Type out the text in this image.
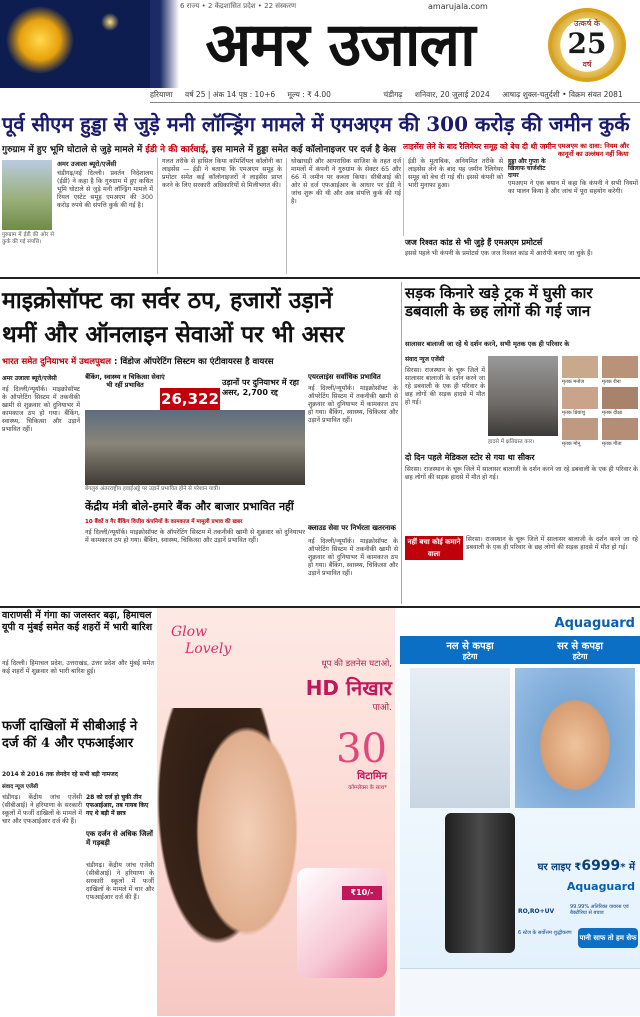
6 राज्य • 2 केंद्रशासित प्रदेश • 22 संस्करण	amarujala.com
अमर उजाला	उत्कर्ष के
25
वर्ष
हरियाणा वर्ष 25 | अंक 14 पृष्ठ : 10+6 मूल्य : ₹ 4.00	चंडीगढ़ शनिवार, 20 जुलाई 2024 आषाढ़ शुक्ल-चतुर्दशी • विक्रम संवत 2081
पूर्व सीएम हुड्डा से जुड़े मनी लॉन्ड्रिंग मामले में एमअएम की 300 करोड़ की जमीन कुर्क
गुरुग्राम में हुए भूमि घोटाले से जुड़े मामले में ईडी ने की कार्रवाई, इस मामले में हुड्डा समेत कई कॉलोनाइजर पर दर्ज है केस
गुरुग्राम में ईडी की ओर से कुर्क की गई संपत्ति।
अमर उजाला ब्यूरो/एजेंसी
चंडीगढ़/नई दिल्ली। प्रवर्तन निदेशालय (ईडी) ने कहा है कि गुरुग्राम में हुए कथित भूमि घोटाले से जुड़े मनी लॉन्ड्रिंग मामले में रियल एस्टेट समूह एमअएम की 300 करोड़ रुपये की संपत्ति कुर्क की गई है।
गलत तरीके से हासिल किया कॉमर्शियल कॉलोनी का लाइसेंस — ईडी ने बताया कि एमअएम समूह के प्रमोटर समेत कई कॉलोनाइजरों ने लाइसेंस प्राप्त करने के लिए सरकारी अधिकारियों से मिलीभगत की।
धोखाधड़ी और आपराधिक साजिश के तहत दर्ज मामलों में कंपनी ने गुरुग्राम के सेक्टर 65 और 66 में जमीन पर कब्जा किया। सीबीआई की ओर से दर्ज एफआईआर के आधार पर ईडी ने जांच शुरू की थी और अब संपत्ति कुर्क की गई है।
लाइसेंस लेने के बाद रैलिगेयर समूह को बेच दी थी जमीन
ईडी के मुताबिक, अनियमित तरीके से लाइसेंस लेने के बाद यह जमीन रैलिगेयर समूह को बेच दी गई थी। इससे कंपनी को भारी मुनाफा हुआ।
एमअएम का दावा: नियम और कानूनों का उल्लंघन नहीं किया
हुड्डा और गुप्ता के खिलाफ चार्जशीट दायर
एमअएम ने एक बयान में कहा कि कंपनी ने सभी नियमों का पालन किया है और जांच में पूरा सहयोग करेगी।
जज रिश्वत कांड से भी जुड़े हैं एमअएम प्रमोटर्स
इससे पहले भी कंपनी के प्रमोटर्स एक जज रिश्वत कांड में आरोपी बनाए जा चुके हैं।
माइक्रोसॉफ्ट का सर्वर ठप, हजारों उड़ानें
थमीं और ऑनलाइन सेवाओं पर भी असर
भारत समेत दुनियाभर में उथलपुथल : विंडोज ऑपरेटिंग सिस्टम का एंटीवायरस है वायरस
अमर उजाला ब्यूरो/एजेंसी
नई दिल्ली/न्यूयॉर्क। माइक्रोसॉफ्ट के ऑपरेटिंग सिस्टम में तकनीकी खामी से शुक्रवार को दुनियाभर में कामकाज ठप हो गया। बैंकिंग, स्वास्थ्य, चिकित्सा और उड़ानें प्रभावित रहीं।
बैंकिंग, स्वास्थ्य व चिकित्सा सेवाएं भी रहीं प्रभावित
26,322
उड़ानों पर दुनियाभर में रहा असर, 2,700 रद्द
बेंगलुरु अंतरराष्ट्रीय हवाईअड्डे पर उड़ानें प्रभावित होने से परेशान यात्री।
एयरलाइंस सर्वाधिक प्रभावित
नई दिल्ली/न्यूयॉर्क। माइक्रोसॉफ्ट के ऑपरेटिंग सिस्टम में तकनीकी खामी से शुक्रवार को दुनियाभर में कामकाज ठप हो गया। बैंकिंग, स्वास्थ्य, चिकित्सा और उड़ानें प्रभावित रहीं।
केंद्रीय मंत्री बोले-हमारे बैंक और बाजार प्रभावित नहीं
10 बैंकों व गैर बैंकिंग वित्तीय कंपनियों के कामकाज में मामूली प्रभाव की खबर
नई दिल्ली/न्यूयॉर्क। माइक्रोसॉफ्ट के ऑपरेटिंग सिस्टम में तकनीकी खामी से शुक्रवार को दुनियाभर में कामकाज ठप हो गया। बैंकिंग, स्वास्थ्य, चिकित्सा और उड़ानें प्रभावित रहीं।
क्लाउड सेवा पर निर्भरता खतरनाक
नई दिल्ली/न्यूयॉर्क। माइक्रोसॉफ्ट के ऑपरेटिंग सिस्टम में तकनीकी खामी से शुक्रवार को दुनियाभर में कामकाज ठप हो गया। बैंकिंग, स्वास्थ्य, चिकित्सा और उड़ानें प्रभावित रहीं।
सड़क किनारे खड़े ट्रक में घुसी कार डबवाली के छह लोगों की गई जान
सालासर बालाजी जा रहे थे दर्शन करने, सभी मृतक एक ही परिवार के
संवाद न्यूज एजेंसी
सिरसा। राजस्थान के चूरू जिले में सालासर बालाजी के दर्शन करने जा रहे डबवाली के एक ही परिवार के छह लोगों की सड़क हादसे में मौत हो गई।
हादसे में क्षतिग्रस्त कार।
मृतक मनोज	मृतक रीना
मृतक प्रियांशु	मृतक दीक्षा
मृतक मोनू	मृतक गीता
दो दिन पहले मेडिकल स्टोर से गया था सीकर
सिरसा। राजस्थान के चूरू जिले में सालासर बालाजी के दर्शन करने जा रहे डबवाली के एक ही परिवार के छह लोगों की सड़क हादसे में मौत हो गई।
नहीं बचा कोई कमाने वाला
सिरसा। राजस्थान के चूरू जिले में सालासर बालाजी के दर्शन करने जा रहे डबवाली के एक ही परिवार के छह लोगों की सड़क हादसे में मौत हो गई।
वाराणसी में गंगा का जलस्तर बढ़ा, हिमाचल यूपी व मुंबई समेत कई शहरों में भारी बारिश
नई दिल्ली। हिमाचल प्रदेश, उत्तराखंड, उत्तर प्रदेश और मुंबई समेत कई शहरों में शुक्रवार को भारी बारिश हुई।
फर्जी दाखिलों में सीबीआई ने दर्ज कीं 4 और एफआईआर
2014 से 2016 तक लेनदेन रहे सभी बड़ी नामजद
संवाद न्यूज एजेंसी
चंडीगढ़। केंद्रीय जांच एजेंसी (सीबीआई) ने हरियाणा के सरकारी स्कूलों में फर्जी दाखिलों के मामले में चार और एफआईआर दर्ज की हैं।
28 को दर्ज हो चुकी तीन एफआईआर, तब गायब किए गए थे बड़ी में छात्र
एक दर्जन से अधिक जिलों में गड़बड़ी
चंडीगढ़। केंद्रीय जांच एजेंसी (सीबीआई) ने हरियाणा के सरकारी स्कूलों में फर्जी दाखिलों के मामले में चार और एफआईआर दर्ज की हैं।
Glow
Lovely
धूप की डलनेस घटाओ,
HD निखार
पाओ.
30
विटामिन
कॉम्प्लेक्स के साथ*
₹10/-
Aquaguard
नल से कपड़ा
हटेगा
सर से कपड़ा
हटेगा
घर लाइए ₹6999* में
Aquaguard
RO,RO+UV
99.99% अतिरिक्त वायरस एवं बैक्टीरिया से बचाव
6 स्टेज के सर्वोत्तम शुद्धीकरण
पानी साफ तो हम सेफ
